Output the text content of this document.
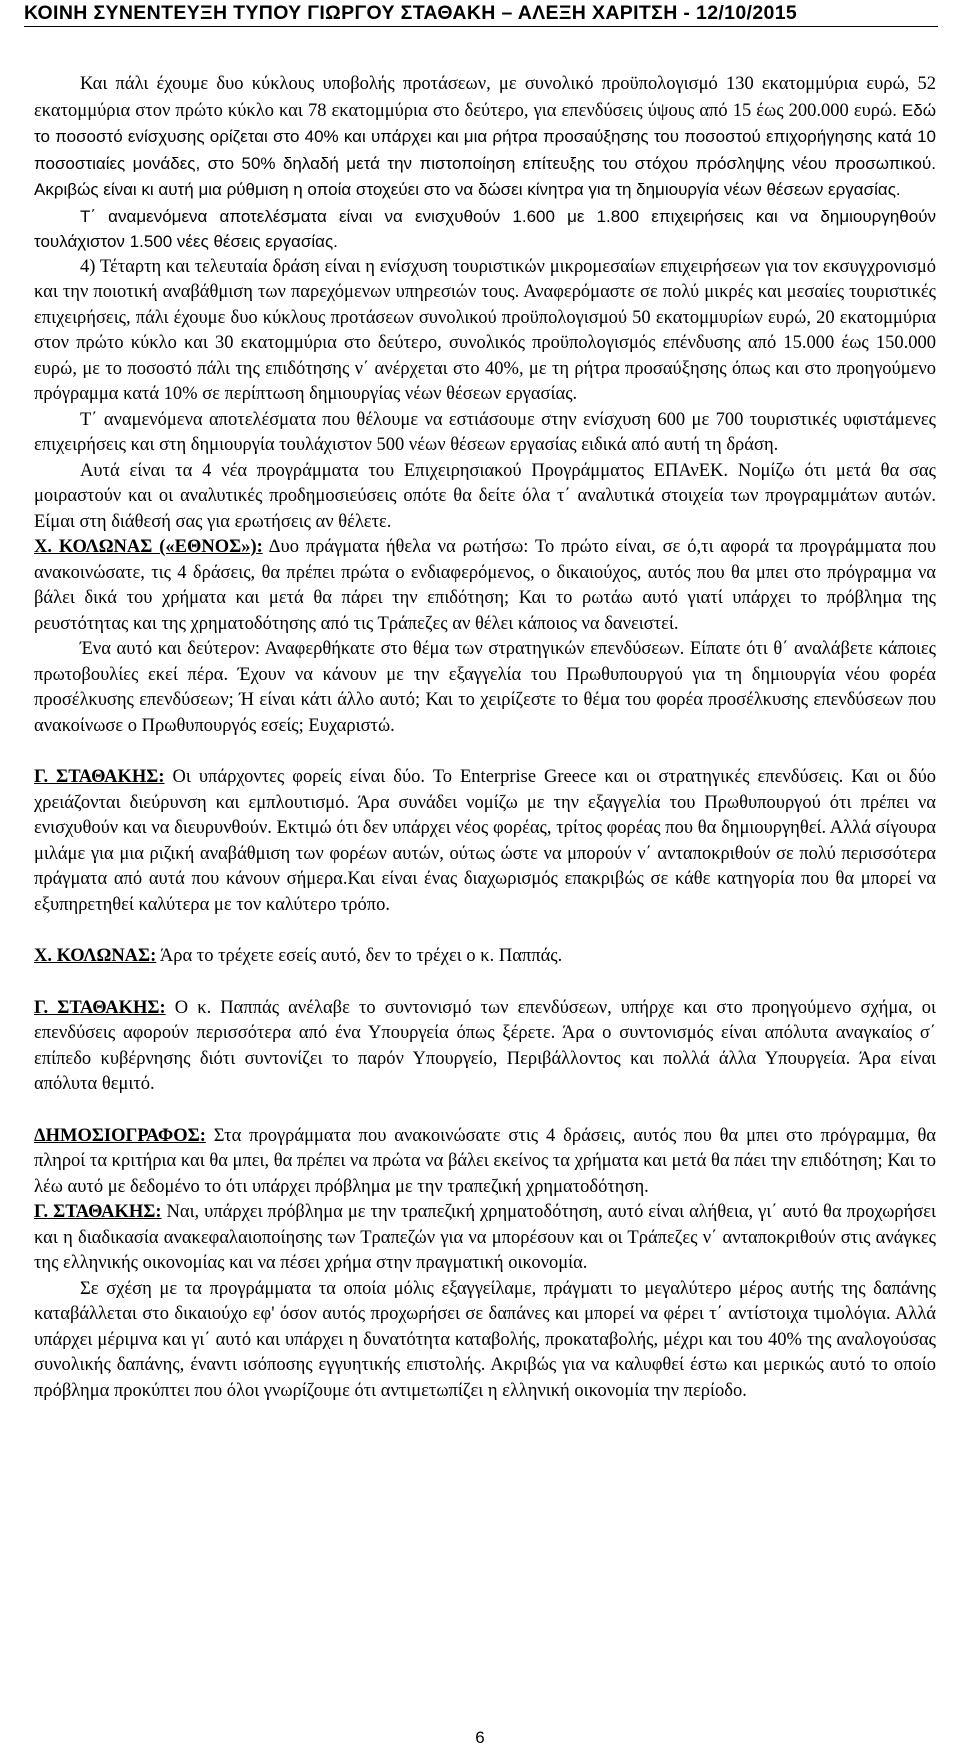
ΚΟΙΝΗ ΣΥΝΕΝΤΕΥΞΗ ΤΥΠΟΥ ΓΙΩΡΓΟΥ ΣΤΑΘΑΚΗ – ΑΛΕΞΗ ΧΑΡΙΤΣΗ - 12/10/2015

Και πάλι έχουμε δυο κύκλους υποβολής προτάσεων, με συνολικό προϋπολογισμό 130 εκατομμύρια ευρώ, 52 εκατομμύρια στον πρώτο κύκλο και 78 εκατομμύρια στο δεύτερο, για επενδύσεις ύψους από 15 έως 200.000 ευρώ. Εδώ το ποσοστό ενίσχυσης ορίζεται στο 40% και υπάρχει και μια ρήτρα προσαύξησης του ποσοστού επιχορήγησης κατά 10 ποσοστιαίες μονάδες, στο 50% δηλαδή μετά την πιστοποίηση επίτευξης του στόχου πρόσληψης νέου προσωπικού. Ακριβώς είναι κι αυτή μια ρύθμιση η οποία στοχεύει στο να δώσει κίνητρα για τη δημιουργία νέων θέσεων εργασίας.

Τ΄ αναμενόμενα αποτελέσματα είναι να ενισχυθούν 1.600 με 1.800 επιχειρήσεις και να δημιουργηθούν τουλάχιστον 1.500 νέες θέσεις εργασίας.

4) Τέταρτη και τελευταία δράση είναι η ενίσχυση τουριστικών μικρομεσαίων επιχειρήσεων για τον εκσυγχρονισμό και την ποιοτική αναβάθμιση των παρεχόμενων υπηρεσιών τους. Αναφερόμαστε σε πολύ μικρές και μεσαίες τουριστικές επιχειρήσεις, πάλι έχουμε δυο κύκλους προτάσεων συνολικού προϋπολογισμού 50 εκατομμυρίων ευρώ, 20 εκατομμύρια στον πρώτο κύκλο και 30 εκατομμύρια στο δεύτερο, συνολικός προϋπολογισμός επένδυσης από 15.000 έως 150.000 ευρώ, με το ποσοστό πάλι της επιδότησης ν΄ ανέρχεται στο 40%, με τη ρήτρα προσαύξησης όπως και στο προηγούμενο πρόγραμμα κατά 10% σε περίπτωση δημιουργίας νέων θέσεων εργασίας.

Τ΄ αναμενόμενα αποτελέσματα που θέλουμε να εστιάσουμε στην ενίσχυση 600 με 700 τουριστικές υφιστάμενες επιχειρήσεις και στη δημιουργία τουλάχιστον 500 νέων θέσεων εργασίας ειδικά από αυτή τη δράση.

Αυτά είναι τα 4 νέα προγράμματα του Επιχειρησιακού Προγράμματος ΕΠΑνΕΚ. Νομίζω ότι μετά θα σας μοιραστούν και οι αναλυτικές προδημοσιεύσεις οπότε θα δείτε όλα τ΄ αναλυτικά στοιχεία των προγραμμάτων αυτών. Είμαι στη διάθεσή σας για ερωτήσεις αν θέλετε.

Χ. ΚΟΛΩΝΑΣ («ΕΘΝΟΣ»): Δυο πράγματα ήθελα να ρωτήσω: Το πρώτο είναι, σε ό,τι αφορά τα προγράμματα που ανακοινώσατε, τις 4 δράσεις, θα πρέπει πρώτα ο ενδιαφερόμενος, ο δικαιούχος, αυτός που θα μπει στο πρόγραμμα να βάλει δικά του χρήματα και μετά θα πάρει την επιδότηση; Και το ρωτάω αυτό γιατί υπάρχει το πρόβλημα της ρευστότητας και της χρηματοδότησης από τις Τράπεζες αν θέλει κάποιος να δανειστεί.

Ένα αυτό και δεύτερον: Αναφερθήκατε στο θέμα των στρατηγικών επενδύσεων. Είπατε ότι θ΄ αναλάβετε κάποιες πρωτοβουλίες εκεί πέρα. Έχουν να κάνουν με την εξαγγελία του Πρωθυπουργού για τη δημιουργία νέου φορέα προσέλκυσης επενδύσεων; Ή είναι κάτι άλλο αυτό; Και το χειρίζεστε το θέμα του φορέα προσέλκυσης επενδύσεων που ανακοίνωσε ο Πρωθυπουργός εσείς; Ευχαριστώ.

Γ. ΣΤΑΘΑΚΗΣ: Οι υπάρχοντες φορείς είναι δύο. Το Enterprise Greece και οι στρατηγικές επενδύσεις. Και οι δύο χρειάζονται διεύρυνση και εμπλουτισμό. Άρα συνάδει νομίζω με την εξαγγελία του Πρωθυπουργού ότι πρέπει να ενισχυθούν και να διευρυνθούν. Εκτιμώ ότι δεν υπάρχει νέος φορέας, τρίτος φορέας που θα δημιουργηθεί. Αλλά σίγουρα μιλάμε για μια ριζική αναβάθμιση των φορέων αυτών, ούτως ώστε να μπορούν ν΄ ανταποκριθούν σε πολύ περισσότερα πράγματα από αυτά που κάνουν σήμερα.Και είναι ένας διαχωρισμός επακριβώς σε κάθε κατηγορία που θα μπορεί να εξυπηρετηθεί καλύτερα με τον καλύτερο τρόπο.

Χ. ΚΟΛΩΝΑΣ: Άρα το τρέχετε εσείς αυτό, δεν το τρέχει ο κ. Παππάς.

Γ. ΣΤΑΘΑΚΗΣ: Ο κ. Παππάς ανέλαβε το συντονισμό των επενδύσεων, υπήρχε και στο προηγούμενο σχήμα, οι επενδύσεις αφορούν περισσότερα από ένα Υπουργεία όπως ξέρετε. Άρα ο συντονισμός είναι απόλυτα αναγκαίος σ΄ επίπεδο κυβέρνησης διότι συντονίζει το παρόν Υπουργείο, Περιβάλλοντος και πολλά άλλα Υπουργεία. Άρα είναι απόλυτα θεμιτό.

ΔΗΜΟΣΙΟΓΡΑΦΟΣ: Στα προγράμματα που ανακοινώσατε στις 4 δράσεις, αυτός που θα μπει στο πρόγραμμα, θα πληροί τα κριτήρια και θα μπει, θα πρέπει να πρώτα να βάλει εκείνος τα χρήματα και μετά θα πάει την επιδότηση; Και το λέω αυτό με δεδομένο το ότι υπάρχει πρόβλημα με την τραπεζική χρηματοδότηση.

Γ. ΣΤΑΘΑΚΗΣ: Ναι, υπάρχει πρόβλημα με την τραπεζική χρηματοδότηση, αυτό είναι αλήθεια, γι΄ αυτό θα προχωρήσει και η διαδικασία ανακεφαλαιοποίησης των Τραπεζών για να μπορέσουν και οι Τράπεζες ν΄ ανταποκριθούν στις ανάγκες της ελληνικής οικονομίας και να πέσει χρήμα στην πραγματική οικονομία.

Σε σχέση με τα προγράμματα τα οποία μόλις εξαγγείλαμε, πράγματι το μεγαλύτερο μέρος αυτής της δαπάνης καταβάλλεται στο δικαιούχο εφ' όσον αυτός προχωρήσει σε δαπάνες και μπορεί να φέρει τ΄ αντίστοιχα τιμολόγια. Αλλά υπάρχει μέριμνα και γι΄ αυτό και υπάρχει η δυνατότητα καταβολής, προκαταβολής, μέχρι και του 40% της αναλογούσας συνολικής δαπάνης, έναντι ισόποσης εγγυητικής επιστολής. Ακριβώς για να καλυφθεί έστω και μερικώς αυτό το οποίο πρόβλημα προκύπτει που όλοι γνωρίζουμε ότι αντιμετωπίζει η ελληνική οικονομία την περίοδο.

6
